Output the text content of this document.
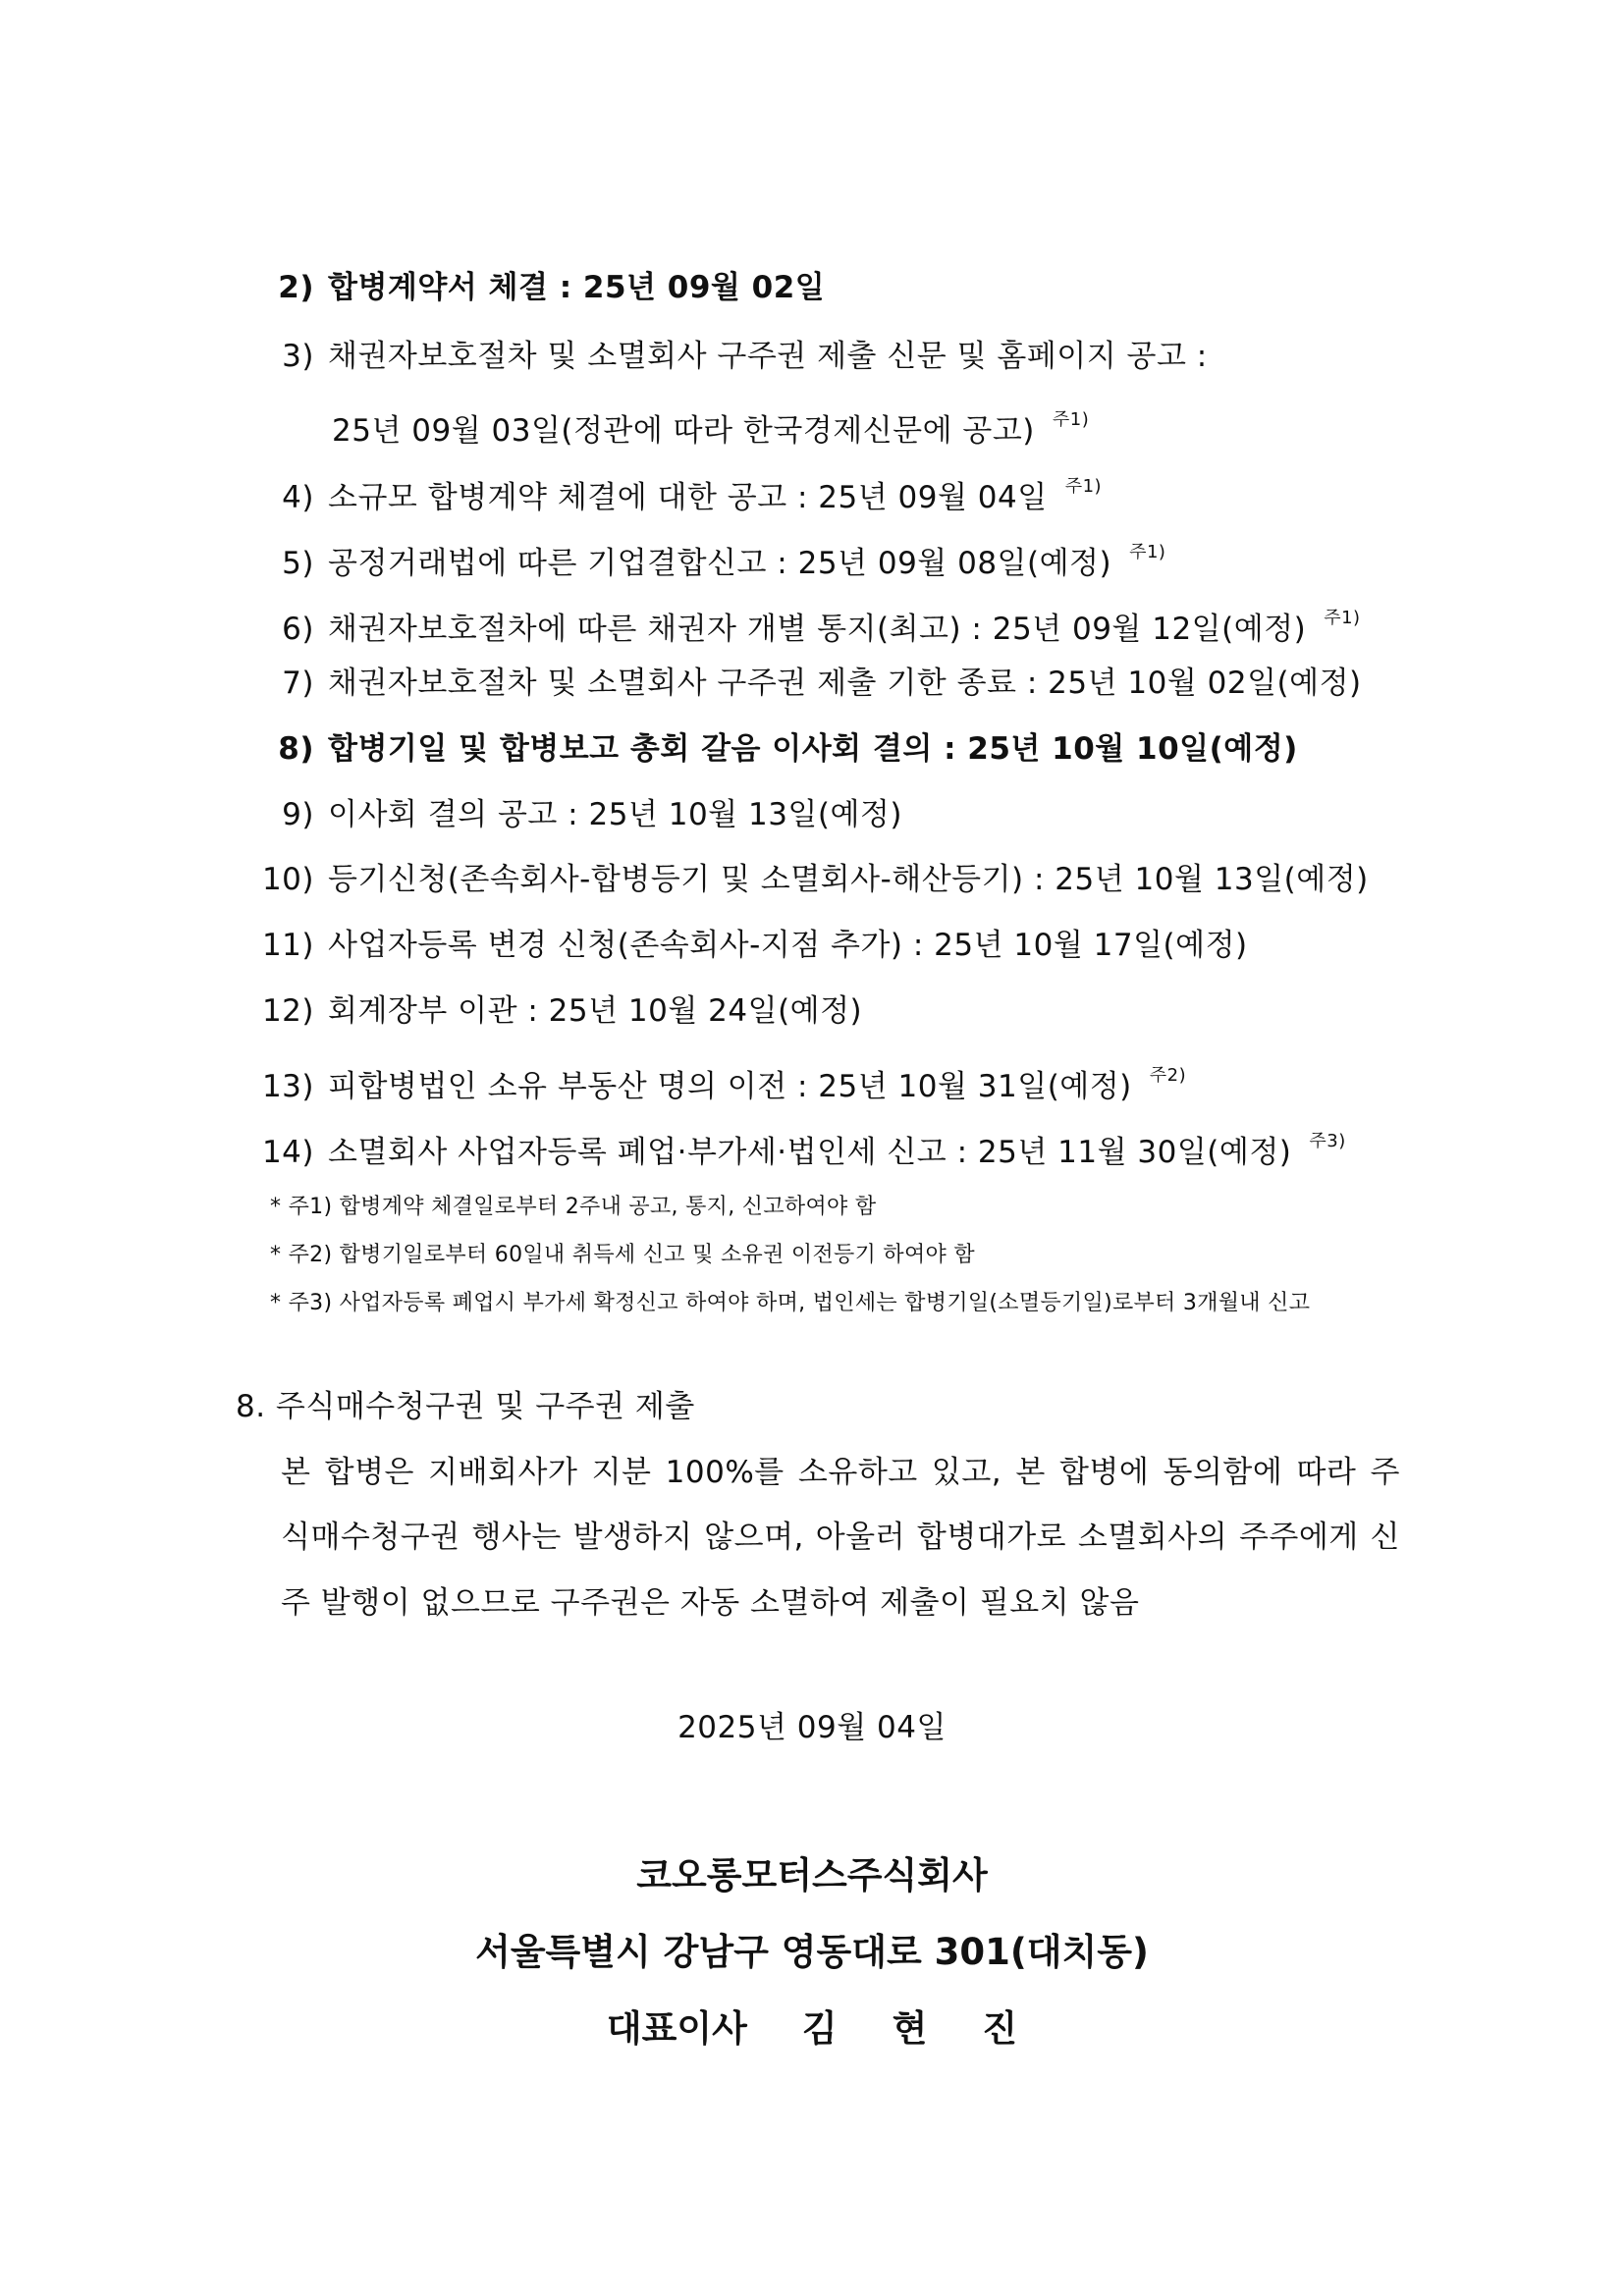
2) 합병계약서 체결 : 25년 09월 02일
3) 채권자보호절차 및 소멸회사 구주권 제출 신문 및 홈페이지 공고 :
25년 09월 03일(정관에 따라 한국경제신문에 공고) $^{주1)}$
4) 소규모 합병계약 체결에 대한 공고 : 25년 09월 04일 $^{주1)}$
5) 공정거래법에 따른 기업결합신고 : 25년 09월 08일(예정) $^{주1)}$
6) 채권자보호절차에 따른 채권자 개별 통지(최고) : 25년 09월 12일(예정) $^{주1)}$
7) 채권자보호절차 및 소멸회사 구주권 제출 기한 종료 : 25년 10월 02일(예정)
8) 합병기일 및 합병보고 총회 갈음 이사회 결의 : 25년 10월 10일(예정)
9) 이사회 결의 공고 : 25년 10월 13일(예정)
10) 등기신청(존속회사-합병등기 및 소멸회사-해산등기) : 25년 10월 13일(예정)
11) 사업자등록 변경 신청(존속회사-지점 추가) : 25년 10월 17일(예정)
12) 회계장부 이관 : 25년 10월 24일(예정)
13) 피합병법인 소유 부동산 명의 이전 : 25년 10월 31일(예정) $^{주2)}$
14) 소멸회사 사업자등록 폐업·부가세·법인세 신고 : 25년 11월 30일(예정) $^{주3)}$
* 주1) 합병계약 체결일로부터 2주내 공고, 통지, 신고하여야 함
* 주2) 합병기일로부터 60일내 취득세 신고 및 소유권 이전등기 하여야 함
* 주3) 사업자등록 폐업시 부가세 확정신고 하여야 하며, 법인세는 합병기일(소멸등기일)로부터 3개월내 신고
8. 주식매수청구권 및 구주권 제출
본 합병은 지배회사가 지분 100%를 소유하고 있고, 본 합병에 동의함에 따라 주
식매수청구권 행사는 발생하지 않으며, 아울러 합병대가로 소멸회사의 주주에게 신
주 발행이 없으므로 구주권은 자동 소멸하여 제출이 필요치 않음
2025년 09월 04일
코오롱모터스주식회사
서울특별시 강남구 영동대로 301(대치동)
대표이사 김 현 진
